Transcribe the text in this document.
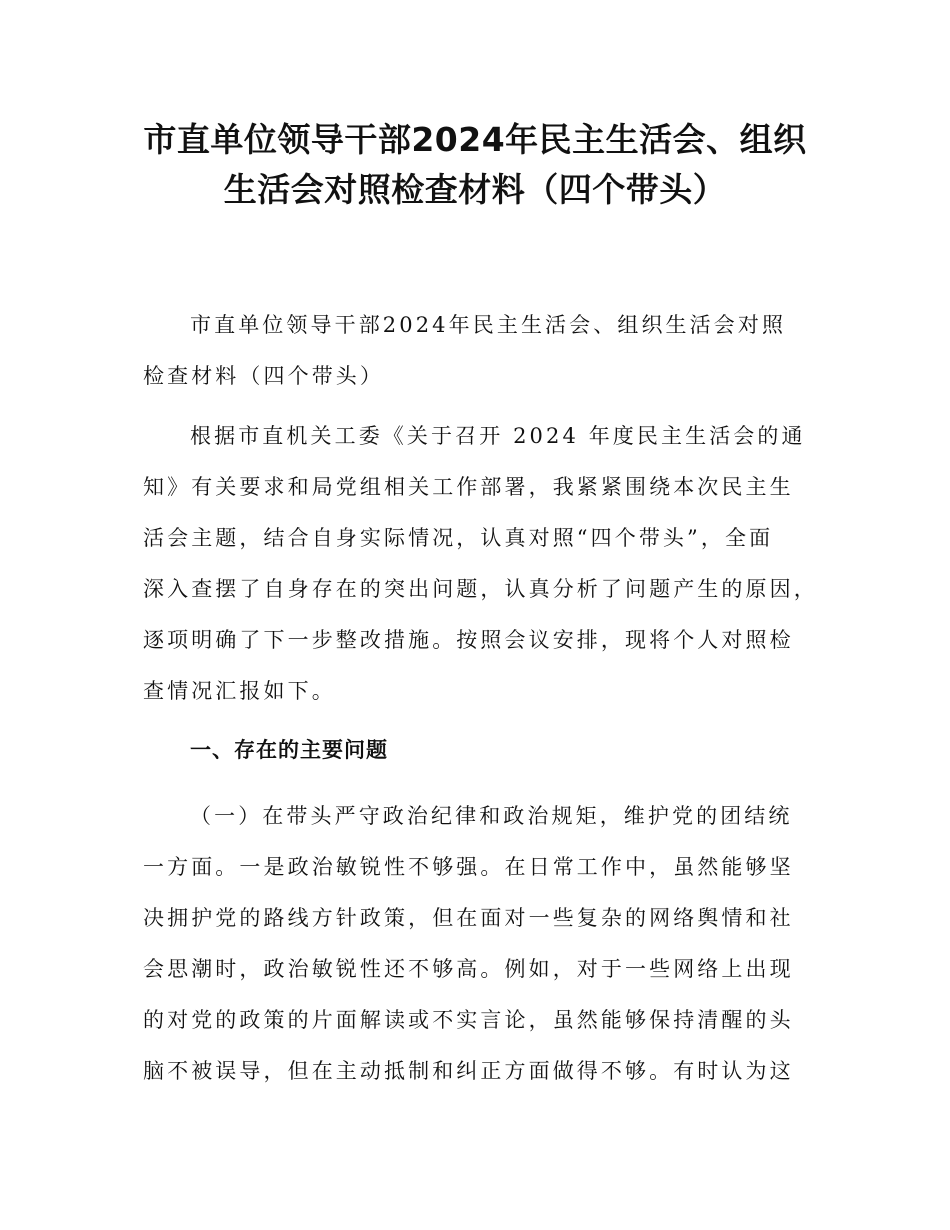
市直单位领导干部2024年民主生活会、组织
生活会对照检查材料（四个带头）

市直单位领导干部2024年民主生活会、组织生活会对照
检查材料（四个带头）

根据市直机关工委《关于召开 2024 年度民主生活会的通
知》有关要求和局党组相关工作部署，我紧紧围绕本次民主生
活会主题，结合自身实际情况，认真对照“四个带头”，全面
深入查摆了自身存在的突出问题，认真分析了问题产生的原因，
逐项明确了下一步整改措施。按照会议安排，现将个人对照检
查情况汇报如下。

一、存在的主要问题

（一）在带头严守政治纪律和政治规矩，维护党的团结统
一方面。一是政治敏锐性不够强。在日常工作中，虽然能够坚
决拥护党的路线方针政策，但在面对一些复杂的网络舆情和社
会思潮时，政治敏锐性还不够高。例如，对于一些网络上出现
的对党的政策的片面解读或不实言论，虽然能够保持清醒的头
脑不被误导，但在主动抵制和纠正方面做得不够。有时认为这
